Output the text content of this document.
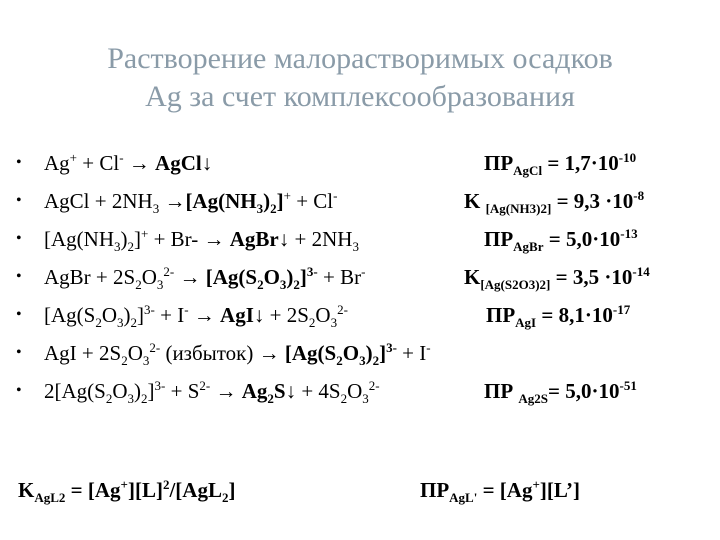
Растворение малорастворимых осадков
Ag за счет комплексообразования
• Ag+ + Cl- → AgCl↓	$ПР_{AgCl} = 1,7\cdot 10^{-10}$
• AgCl + $2NH_3 \to[Ag(NH_3)_2]^+ + Cl^-$	K $_{[Ag(NH3)2]} = 9,3 \cdot 10^{-8}$
• $[Ag(NH_3)_2]^+ + Br-$ → AgBr↓ + $2NH_3$	$ПР_{AgBr} = 5,0\cdot 10^{-13}$
• AgBr + $2S_2O_3^{2-} \to [Ag(S_2O_3)_2]^{3-} + Br^-$	$K_{[Ag(S2O3)2]} = 3,5 \cdot 10^{-14}$
• $[Ag(S_2O_3)_2]^{3-} + I^-$ → AgI↓ + $2S_2O_3^{2-}$	$ПР_{AgI} = 8,1\cdot 10^{-17}$
• AgI + $2S_2O_3^{2-}$ (избыток) → $[Ag(S_2O_3)_2]^{3-} + I^-$
• $2[Ag(S_2O_3)_2]^{3-} + S^{2-}$ → $Ag_2S↓ + 4S_2O_3^{2-}$	ПР $_{Ag2S}= 5,0\cdot 10^{-51}$
$K_{AgL2} = [Ag^+][L]^2/[AgL_2]$	$ПР_{AgL'}$ = [Ag+][L’]
